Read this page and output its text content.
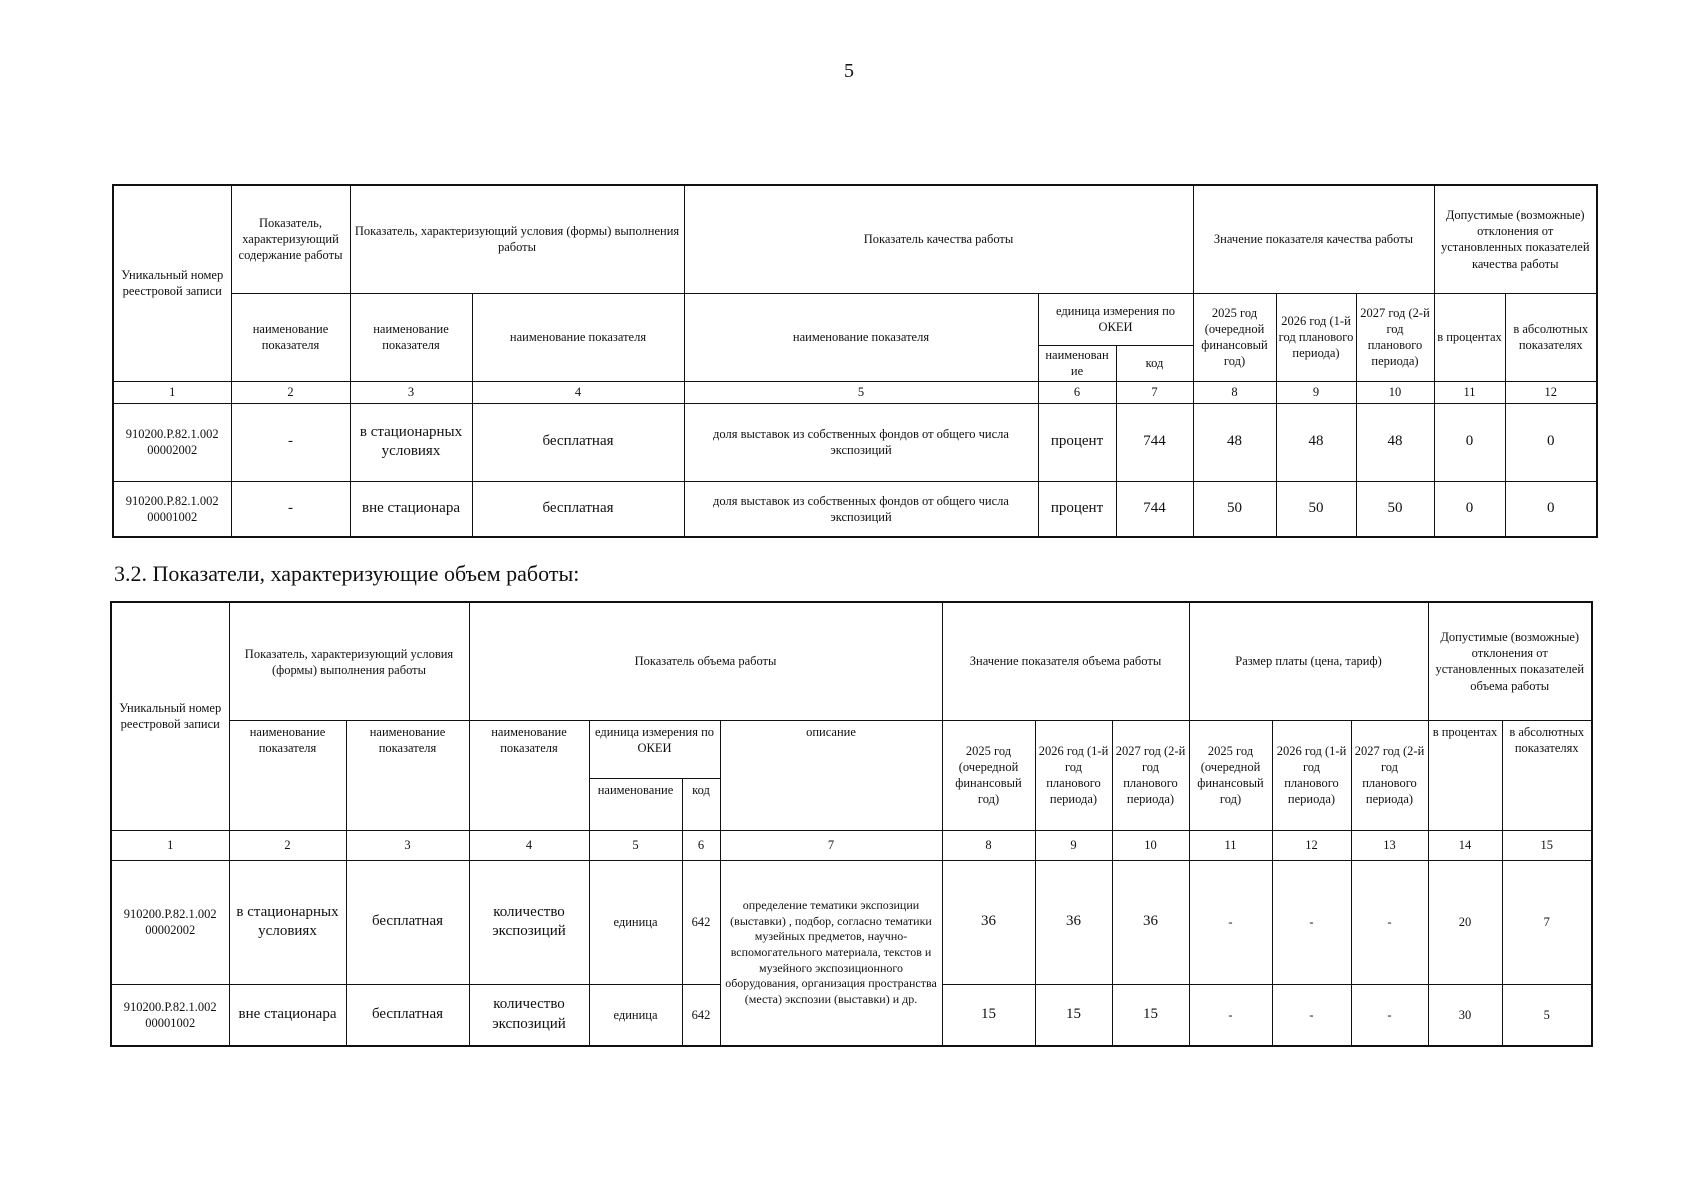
5
Уникальный номер реестровой записи	Показатель, характеризующий содержание работы	Показатель, характеризующий условия (формы) выполнения работы		Показатель качества работы			Значение показателя качества работы			Допустимые (возможные) отклонения от установленных показателей качества работы	
	наименование показателя	наименование показателя	наименование показателя	наименование показателя	единица измерения по ОКЕИ		2025 год (очередной финансовый год)	2026 год (1-й год планового периода)	2027 год (2-й год планового периода)	в процентах	в абсолютных показателях
					наименован ие	код					
1	2	3	4	5	6	7	8	9	10	11	12
910200.Р.82.1.002 00002002	-	в стационарных условиях	бесплатная	доля выставок из собственных фондов от общего числа экспозиций	процент	744	48	48	48	0	0
910200.Р.82.1.002 00001002	-	вне стационара	бесплатная	доля выставок из собственных фондов от общего числа экспозиций	процент	744	50	50	50	0	0
3.2. Показатели, характеризующие объем работы:
Уникальный номер реестровой записи	Показатель, характеризующий условия (формы) выполнения работы		Показатель объема работы				Значение показателя объема работы			Размер платы (цена, тариф)			Допустимые (возможные) отклонения от установленных показателей объема работы	
	наименование показателя	наименование показателя	наименование показателя	единица измерения по ОКЕИ		описание	2025 год (очередной финансовый год)	2026 год (1-й год планового периода)	2027 год (2-й год планового периода)	2025 год (очередной финансовый год)	2026 год (1-й год планового периода)	2027 год (2-й год планового периода)	в процентах	в абсолютных показателях
				наименование	код									
1	2	3	4	5	6	7	8	9	10	11	12	13	14	15
910200.Р.82.1.002 00002002	в стационарных условиях	бесплатная	количество экспозиций	единица	642	определение тематики экспозиции (выставки) , подбор, согласно тематики музейных предметов, научно-вспомогательного материала, текстов и музейного экспозиционного оборудования, организация пространства (места) экспозии (выставки) и др.	36	36	36	-	-	-	20	7
910200.Р.82.1.002 00001002	вне стационара	бесплатная	количество экспозиций	единица	642		15	15	15	-	-	-	30	5
